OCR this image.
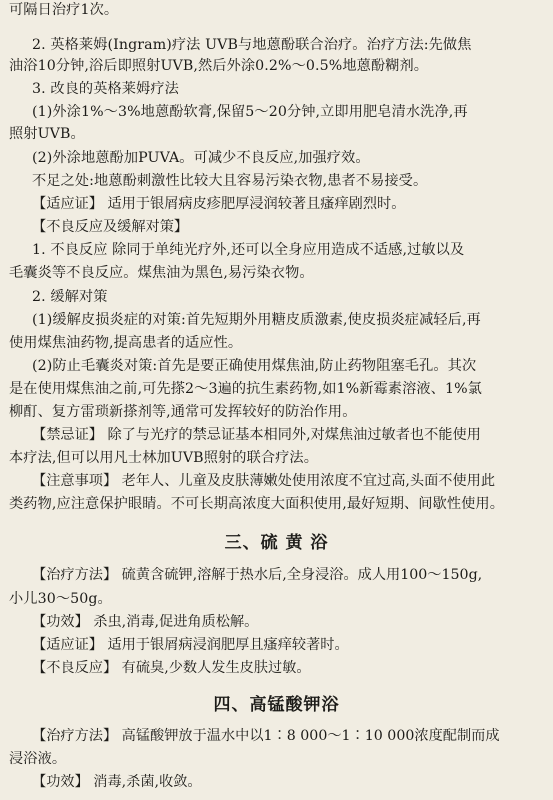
可隔日治疗1次。
2. 英格莱姆(Ingram)疗法 UVB与地蒽酚联合治疗。治疗方法:先做焦
油浴10分钟,浴后即照射UVB,然后外涂0.2%～0.5%地蒽酚糊剂。
3. 改良的英格莱姆疗法
(1)外涂1%～3%地蒽酚软膏,保留5～20分钟,立即用肥皂清水洗净,再
照射UVB。
(2)外涂地蒽酚加PUVA。可减少不良反应,加强疗效。
不足之处:地蒽酚刺激性比较大且容易污染衣物,患者不易接受。
【适应证】 适用于银屑病皮疹肥厚浸润较著且瘙痒剧烈时。
【不良反应及缓解对策】
1. 不良反应 除同于单纯光疗外,还可以全身应用造成不适感,过敏以及
毛囊炎等不良反应。煤焦油为黑色,易污染衣物。
2. 缓解对策
(1)缓解皮损炎症的对策:首先短期外用糖皮质激素,使皮损炎症减轻后,再
使用煤焦油药物,提高患者的适应性。
(2)防止毛囊炎对策:首先是要正确使用煤焦油,防止药物阻塞毛孔。其次
是在使用煤焦油之前,可先搽2～3遍的抗生素药物,如1%新霉素溶液、1%氯
柳酊、复方雷琐新搽剂等,通常可发挥较好的防治作用。
【禁忌证】 除了与光疗的禁忌证基本相同外,对煤焦油过敏者也不能使用
本疗法,但可以用凡士林加UVB照射的联合疗法。
【注意事项】 老年人、儿童及皮肤薄嫩处使用浓度不宜过高,头面不使用此
类药物,应注意保护眼睛。不可长期高浓度大面积使用,最好短期、间歇性使用。
三、硫 黄 浴
【治疗方法】 硫黄含硫钾,溶解于热水后,全身浸浴。成人用100～150g,
小儿30～50g。
【功效】 杀虫,消毒,促进角质松解。
【适应证】 适用于银屑病浸润肥厚且瘙痒较著时。
【不良反应】 有硫臭,少数人发生皮肤过敏。
四、高锰酸钾浴
【治疗方法】 高锰酸钾放于温水中以1∶8 000～1∶10 000浓度配制而成
浸浴液。
【功效】 消毒,杀菌,收敛。
